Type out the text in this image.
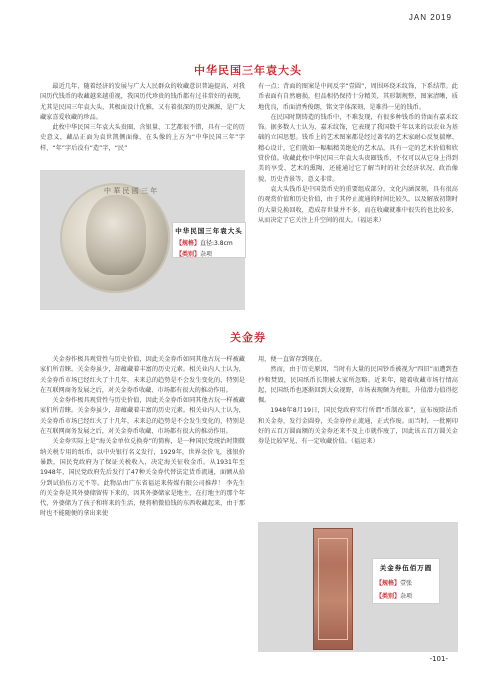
JAN 2019
中华民国三年袁大头

最近几年，随着经济的发展与广大人民群众的收藏意识普遍提高，对我国历代钱币的收藏越来越重视，我国历代珍贵的钱币都有过非常好的表现，尤其是民国三年袁大头，其极面设计优雅，又有着很深的历史渊源，是广大藏家喜爱收藏的珍品。

此枚中华民国三年袁大头贵圈，含银量、工艺都很不错，具有一定的历史意义，藏品正面为袁世凯侧面像，在头像的上方为“中华民国三年”字样，“年”字后没有“造”字，“民”

中 華 民 國 三 年
中华民国三年袁大头
【规格】直径:3.8cm
【类别】杂项

有一点；背面的图案是中间反字“壹圆”，周围环绕禾纹饰，下系结带。此币表面有自然磨损，但品相仍保持十分精美，其形制规整，图案清晰，质地优良，币面清秀俊朗，铭文字体深刻，是难得一见的钱币。

在民国时期铸造的钱币中，不难发现，有很多种钱币的背面有嘉禾纹饰。据多数人士认为，嘉禾纹饰，它表现了我国数千年以来的以农业为基础的立国思想。钱币上的艺术图案都是经过著名的艺术家耐心反复揣摩、精心设计，它们就如一幅幅精美绝伦的艺术品，具有一定的艺术价值和欣赏价值。收藏此枚中华民国三年袁大头贵圈钱币，不仅可以从它身上得到美的享受、艺术的熏陶，还能通过它了解当时的社会经济状况、政治像貌、历史背景等，意义非常。

袁大头钱币是中国货币史的重要组成部分，文化内涵深刻，具有很高的观赏价值和历史价值，由于其停止流通的时间比较久，以及解放初期时的大量兑换回收，造成存世量并不多，而在收藏就难中很失的也比较多，从而决定了它关注上升空间的很大。（福运来）

关金券

关金券作极具观赏性与历史价值，因此关金券币如同其他古玩一样被藏家们所青睐。关金券虽少，却蕴藏着丰富的历史元素。相关业内人士认为，关金券币市场已经红火了十几年，未来总的趋势是不会发生变化的，特别是在互联网商务发展之后，对关金券币收藏、市场都有很大的推动作用。

关金券作极具观赏性与历史价值，因此关金券币如同其他古玩一样被藏家们所青睐。关金券虽少，却蕴藏着丰富的历史元素。相关业内人士认为，关金券币市场已经红火了十几年，未来总的趋势是不会发生变化的，特别是在互联网商务发展之后，对关金券币收藏、市场都有很大的推动作用。

关金券实际上是“海关金单位兑换券”的简称，是一种国民党统治时期微纳关税专用的纸币，以中央银行名义发行，1929年，世界金价飞，涨银价暴跌，国民党政府为了保证关税收入，决定海关征收金币。从1931年至1948年，国民党政府先后发行了47种关金券代替法定货币流通，面额从拾分到试拾伍万元不等。此物品由广东省福运来传媒有限公司推荐！ 李先生的关金券是其外婆储留传下来的，因其外婆储家是地主，在打地主的那个年代，外婆储为了孩子和将来的生活，便将稍微值钱的东西收藏起来，由于那时也不能随便的拿出来使

用，便一直留存到现在。

然而，由于历史原因，当时有大量的民国钞币被视为“四旧”而遭到查抄和焚毁，民国纸币长期被大家所忽略。近来年，随着收藏市场行情高起，民国纸币也逐渐回到大众视野，市场表现颇为亮眼，升值潜力值得挖掘。

1948年8月19日，国民党政府实行所谓“币制改革”，宣布废除法币和关金券，发行金圆券，关金券停止流通，正式作废。而当时，一批刚印好的五百万圆面额的关金券还来不及上市就作废了，因此该五百万圆关金券是比较罕见、有一定收藏价值。（福运来）

关金券伍佰万圆
【规格】壹张
【类别】杂项
-101-
